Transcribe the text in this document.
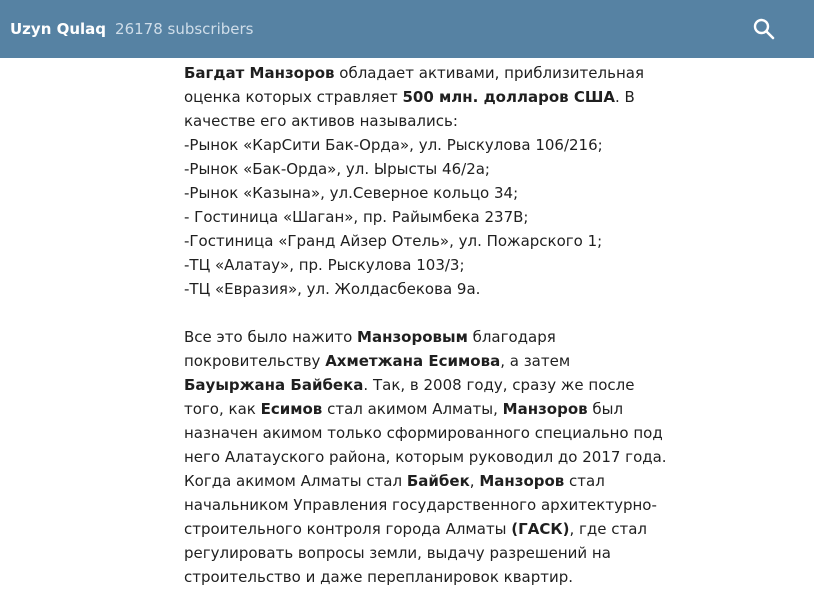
Uzyn Qulaq 26178 subscribers

Багдат Манзоров обладает активами, приблизительная оценка которых стравляет 500 млн. долларов США. В качестве его активов назывались:

-Рынок «КарСити Бак-Орда», ул. Рыскулова 106/216;

-Рынок «Бак-Орда», ул. Ырысты 46/2а;

-Рынок «Казына», ул.Северное кольцо 34;

- Гостиница «Шаган», пр. Райымбека 237В;

-Гостиница «Гранд Айзер Отель», ул. Пожарского 1;

-ТЦ «Алатау», пр. Рыскулова 103/3;

-ТЦ «Евразия», ул. Жолдасбекова 9а.

Все это было нажито Манзоровым благодаря покровительству Ахметжана Есимова, а затем Бауыржана Байбека. Так, в 2008 году, сразу же после того, как Есимов стал акимом Алматы, Манзоров был назначен акимом только сформированного специально под него Алатауского района, которым руководил до 2017 года. Когда акимом Алматы стал Байбек, Манзоров стал начальником Управления государственного архитектурно-строительного контроля города Алматы (ГАСК), где стал регулировать вопросы земли, выдачу разрешений на строительство и даже перепланировок квартир.
